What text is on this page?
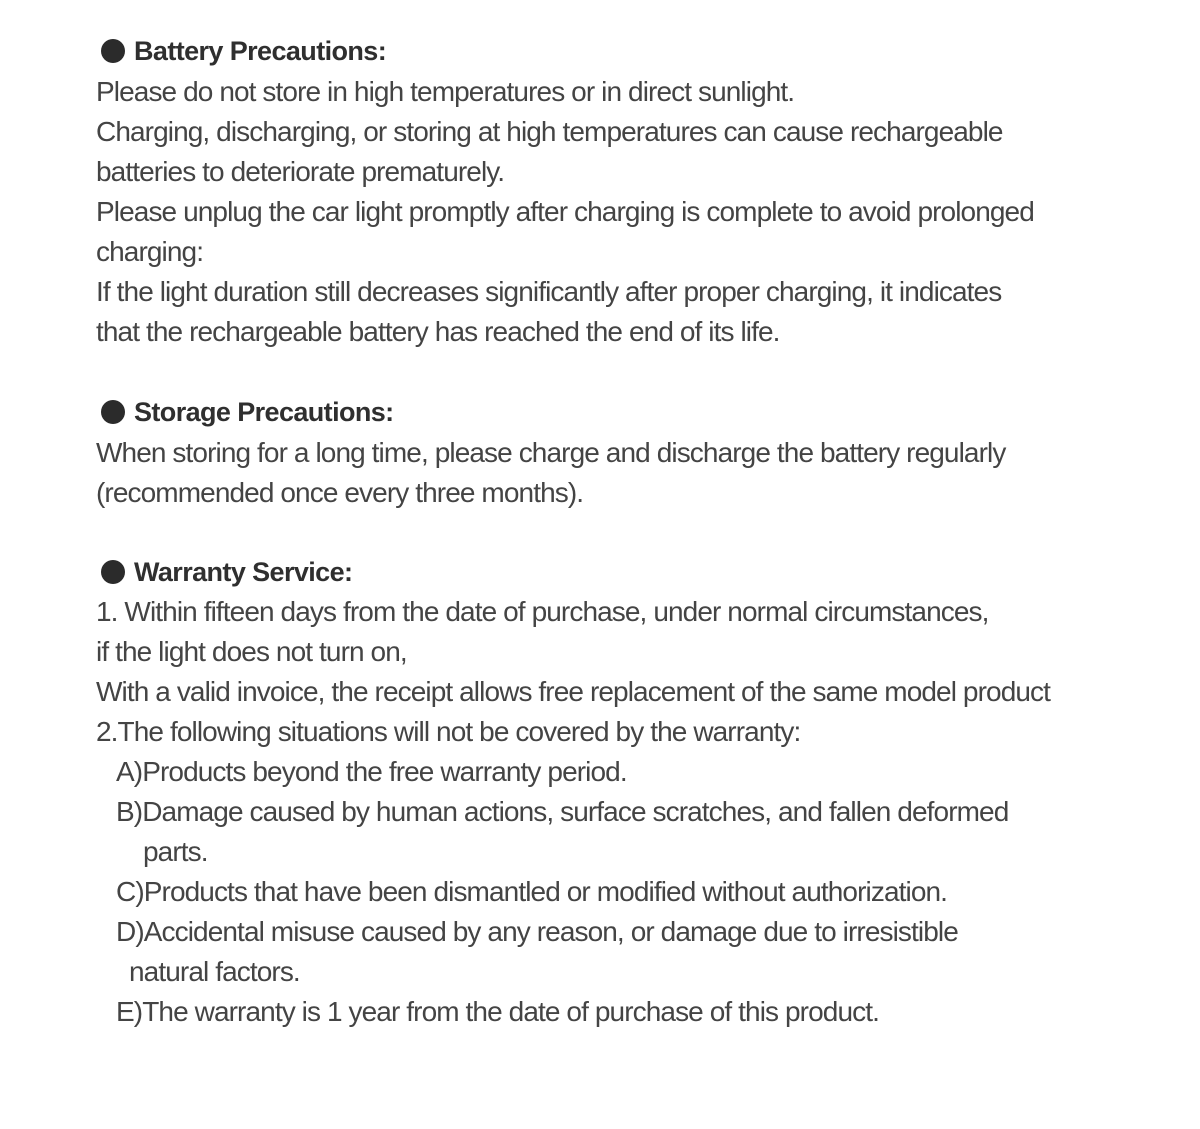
Battery Precautions:
Please do not store in high temperatures or in direct sunlight.
Charging, discharging, or storing at high temperatures can cause rechargeable
batteries to deteriorate prematurely.
Please unplug the car light promptly after charging is complete to avoid prolonged
charging:
If the light duration still decreases significantly after proper charging, it indicates
that the rechargeable battery has reached the end of its life.
Storage Precautions:
When storing for a long time, please charge and discharge the battery regularly
(recommended once every three months).
Warranty Service:
1. Within fifteen days from the date of purchase, under normal circumstances,
if the light does not turn on,
With a valid invoice, the receipt allows free replacement of the same model product
2.The following situations will not be covered by the warranty:
A)Products beyond the free warranty period.
B)Damage caused by human actions, surface scratches, and fallen deformed
parts.
C)Products that have been dismantled or modified without authorization.
D)Accidental misuse caused by any reason, or damage due to irresistible
natural factors.
E)The warranty is 1 year from the date of purchase of this product.
